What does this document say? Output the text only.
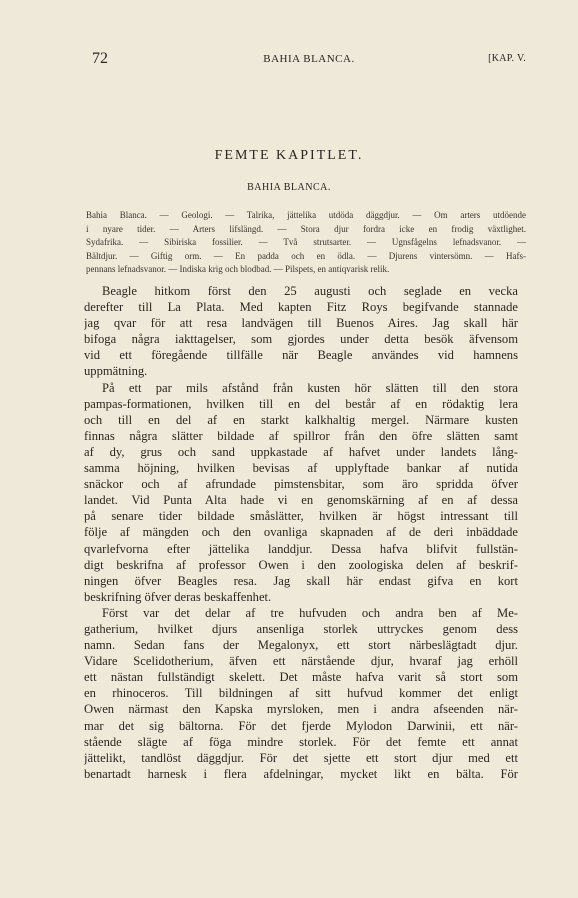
72	BAHIA BLANCA.	[KAP. V.
FEMTE KAPITLET.
BAHIA BLANCA.
Bahia Blanca. — Geologi. — Talrika, jättelika utdöda däggdjur. — Om arters utdöende
i nyare tider. — Arters lifslängd. — Stora djur fordra icke en frodig växtlighet.
Sydafrika. — Sibiriska fossilier. — Två strutsarter. — Ugnsfågelns lefnadsvanor. —
Bältdjur. — Giftig orm. — En padda och en ödla. — Djurens vintersömn. — Hafs-
pennans lefnadsvanor. — Indiska krig och blodbad. — Pilspets, en antiqvarisk relik.
Beagle hitkom först den 25 augusti och seglade en vecka
derefter till La Plata. Med kapten Fitz Roys begifvande stannade
jag qvar för att resa landvägen till Buenos Aires. Jag skall här
bifoga några iakttagelser, som gjordes under detta besök äfvensom
vid ett föregående tillfälle när Beagle användes vid hamnens
uppmätning.
På ett par mils afstånd från kusten hör slätten till den stora
pampas-formationen, hvilken till en del består af en rödaktig lera
och till en del af en starkt kalkhaltig mergel. Närmare kusten
finnas några slätter bildade af spillror från den öfre slätten samt
af dy, grus och sand uppkastade af hafvet under landets lång-
samma höjning, hvilken bevisas af upplyftade bankar af nutida
snäckor och af afrundade pimstensbitar, som äro spridda öfver
landet. Vid Punta Alta hade vi en genomskärning af en af dessa
på senare tider bildade småslätter, hvilken är högst intressant till
följe af mängden och den ovanliga skapnaden af de deri inbäddade
qvarlefvorna efter jättelika landdjur. Dessa hafva blifvit fullstän-
digt beskrifna af professor Owen i den zoologiska delen af beskrif-
ningen öfver Beagles resa. Jag skall här endast gifva en kort
beskrifning öfver deras beskaffenhet.
Först var det delar af tre hufvuden och andra ben af Me-
gatherium, hvilket djurs ansenliga storlek uttryckes genom dess
namn. Sedan fans der Megalonyx, ett stort närbeslägtadt djur.
Vidare Scelidotherium, äfven ett närstående djur, hvaraf jag erhöll
ett nästan fullständigt skelett. Det måste hafva varit så stort som
en rhinoceros. Till bildningen af sitt hufvud kommer det enligt
Owen närmast den Kapska myrsloken, men i andra afseenden när-
mar det sig bältorna. För det fjerde Mylodon Darwinii, ett när-
stående slägte af föga mindre storlek. För det femte ett annat
jättelikt, tandlöst däggdjur. För det sjette ett stort djur med ett
benartadt harnesk i flera afdelningar, mycket likt en bälta. För
